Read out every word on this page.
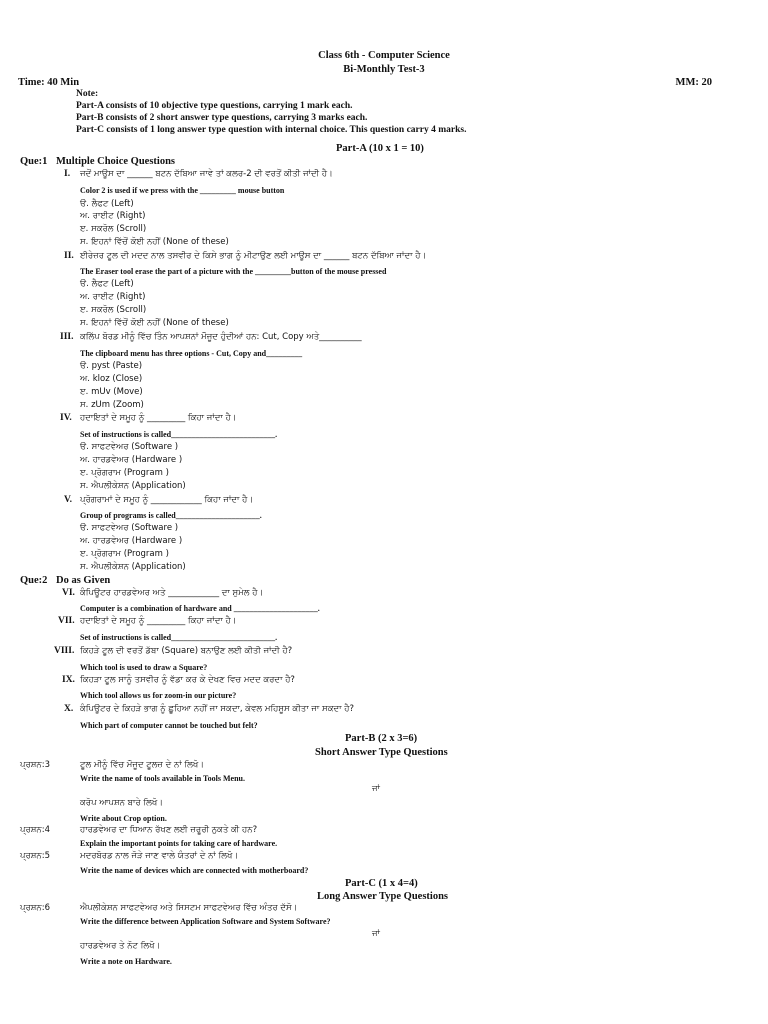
Class 6th - Computer Science
Bi-Monthly Test-3
Time: 40 Min	MM: 20
Note:
Part-A consists of 10 objective type questions, carrying 1 mark each.
Part-B consists of 2 short answer type questions, carrying 3 marks each.
Part-C consists of 1 long answer type question with internal choice. This question carry 4 marks.
Part-A (10 x 1 = 10)
Que:1 Multiple Choice Questions
I. ਜਦੋਂ ਮਾਊਸ ਦਾ ______ ਬਟਨ ਦੱਬਿਆ ਜਾਵੇ ਤਾਂ ਕਲਰ-2 ਦੀ ਵਰਤੋਂ ਕੀਤੀ ਜਾਂਦੀ ਹੈ।
Color 2 is used if we press with the _________ mouse button
ੳ. ਲੈਫਟ (Left)
ਅ. ਰਾਈਟ (Right)
ੲ. ਸਕਰੋਲ (Scroll)
ਸ. ਇਹਨਾਂ ਵਿੱਚੋਂ ਕੋਈ ਨਹੀਂ (None of these)
II. ਈਰੇਜ਼ਰ ਟੂਲ ਦੀ ਮਦਦ ਨਾਲ ਤਸਵੀਰ ਦੇ ਕਿਸੇ ਭਾਗ ਨੂੰ ਮੀਟਾਉਣ ਲਈ ਮਾਊਸ ਦਾ ______ ਬਟਨ ਦੱਬਿਆ ਜਾਂਦਾ ਹੈ।
The Eraser tool erase the part of a picture with the _________button of the mouse pressed
ੳ. ਲੈਫਟ (Left)
ਅ. ਰਾਈਟ (Right)
ੲ. ਸਕਰੋਲ (Scroll)
ਸ. ਇਹਨਾਂ ਵਿੱਚੋਂ ਕੋਈ ਨਹੀਂ (None of these)
III. ਕਲਿੱਪ ਬੋਰਡ ਮੀਨੂੰ ਵਿੱਚ ਤਿੰਨ ਆਪਸ਼ਨਾਂ ਮੌਜੂਦ ਹੁੰਦੀਆਂ ਹਨ: Cut, Copy ਅਤੇ__________
The clipboard menu has three options - Cut, Copy and_________
ੳ. pyst (Paste)
ਅ. kloz (Close)
ੲ. mUv (Move)
ਸ. zUm (Zoom)
IV. ਹਦਾਇਤਾਂ ਦੇ ਸਮੂਹ ਨੂੰ _________ ਕਿਹਾ ਜਾਂਦਾ ਹੈ।
Set of instructions is called__________________________.
ੳ. ਸਾਫਟਵੇਅਰ (Software )
ਅ. ਹਾਰਡਵੇਅਰ (Hardware )
ੲ. ਪ੍ਰੋਗਰਾਮ (Program )
ਸ. ਐਪਲੀਕੇਸ਼ਨ (Application)
V. ਪ੍ਰੋਗਰਾਮਾਂ ਦੇ ਸਮੂਹ ਨੂੰ ____________ ਕਿਹਾ ਜਾਂਦਾ ਹੈ।
Group of programs is called_____________________.
ੳ. ਸਾਫਟਵੇਅਰ (Software )
ਅ. ਹਾਰਡਵੇਅਰ (Hardware )
ੲ. ਪ੍ਰੋਗਰਾਮ (Program )
ਸ. ਐਪਲੀਕੇਸ਼ਨ (Application)
Que:2 Do as Given
VI. ਕੰਪਿਊਟਰ ਹਾਰਡਵੇਅਰ ਅਤੇ ____________ ਦਾ ਸੁਮੇਲ ਹੈ।
Computer is a combination of hardware and _____________________.
VII. ਹਦਾਇਤਾਂ ਦੇ ਸਮੂਹ ਨੂੰ _________ ਕਿਹਾ ਜਾਂਦਾ ਹੈ।
Set of instructions is called__________________________.
VIII. ਕਿਹੜੇ ਟੂਲ ਦੀ ਵਰਤੋਂ ਡੱਬਾ (Square) ਬਨਾਉਣ ਲਈ ਕੀਤੀ ਜਾਂਦੀ ਹੈ?
Which tool is used to draw a Square?
IX. ਕਿਹੜਾ ਟੂਲ ਸਾਨੂੰ ਤਸਵੀਰ ਨੂੰ ਵੱਡਾ ਕਰ ਕੇ ਦੇਖਣ ਵਿਚ ਮਦਦ ਕਰਦਾ ਹੈ?
Which tool allows us for zoom-in our picture?
X. ਕੰਪਿਊਟਰ ਦੇ ਕਿਹੜੇ ਭਾਗ ਨੂੰ ਛੂਹਿਆ ਨਹੀਂ ਜਾ ਸਕਦਾ, ਕੇਵਲ ਮਹਿਸੂਸ ਕੀਤਾ ਜਾ ਸਕਦਾ ਹੈ?
Which part of computer cannot be touched but felt?
Part-B (2 x 3=6)
Short Answer Type Questions
ਪ੍ਰਸ਼ਨ:3	ਟੂਲ ਮੀਨੂੰ ਵਿੱਚ ਮੌਜੂਦ ਟੂਲਜ਼ ਦੇ ਨਾਂ ਲਿਖੋ।
Write the name of tools available in Tools Menu.
ਜਾਂ
ਕਰੋਪ ਆਪਸ਼ਨ ਬਾਰੇ ਲਿਖੋ।
Write about Crop option.
ਪ੍ਰਸ਼ਨ:4	ਹਾਰਡਵੇਅਰ ਦਾ ਧਿਆਨ ਰੱਖਣ ਲਈ ਜ਼ਰੂਰੀ ਨੁਕਤੇ ਕੀ ਹਨ?
Explain the important points for taking care of hardware.
ਪ੍ਰਸ਼ਨ:5	ਮਦਰਬੋਰਡ ਨਾਲ ਜੋੜੇ ਜਾਣ ਵਾਲੇ ਯੰਤਰਾਂ ਦੇ ਨਾਂ ਲਿਖੋ।
Write the name of devices which are connected with motherboard?
Part-C (1 x 4=4)
Long Answer Type Questions
ਪ੍ਰਸ਼ਨ:6	ਐਪਲੀਕੇਸ਼ਨ ਸਾਫਟਵੇਅਰ ਅਤੇ ਸਿਸਟਮ ਸਾਫਟਵੇਅਰ ਵਿੱਚ ਅੰਤਰ ਦੱਸੋ।
Write the difference between Application Software and System Software?
ਜਾਂ
ਹਾਰਡਵੇਅਰ ਤੇ ਨੋਟ ਲਿਖੋ।
Write a note on Hardware.
